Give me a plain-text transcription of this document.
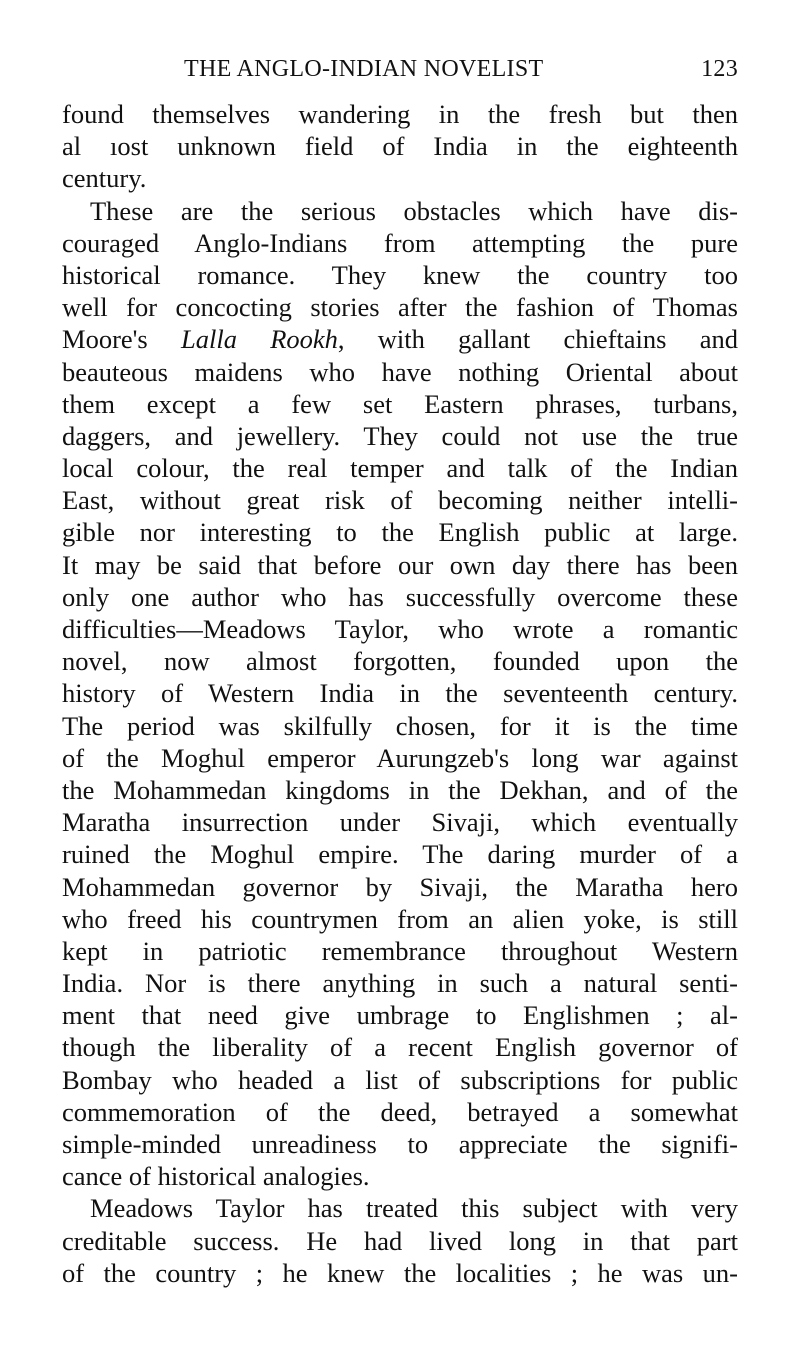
THE ANGLO-INDIAN NOVELIST	123
found themselves wandering in the fresh but then
al ıost unknown field of India in the eighteenth
century.
These are the serious obstacles which have dis-
couraged Anglo-Indians from attempting the pure
historical romance. They knew the country too
well for concocting stories after the fashion of Thomas
Moore's Lalla Rookh, with gallant chieftains and
beauteous maidens who have nothing Oriental about
them except a few set Eastern phrases, turbans,
daggers, and jewellery. They could not use the true
local colour, the real temper and talk of the Indian
East, without great risk of becoming neither intelli-
gible nor interesting to the English public at large.
It may be said that before our own day there has been
only one author who has successfully overcome these
difficulties—Meadows Taylor, who wrote a romantic
novel, now almost forgotten, founded upon the
history of Western India in the seventeenth century.
The period was skilfully chosen, for it is the time
of the Moghul emperor Aurungzeb's long war against
the Mohammedan kingdoms in the Dekhan, and of the
Maratha insurrection under Sivaji, which eventually
ruined the Moghul empire. The daring murder of a
Mohammedan governor by Sivaji, the Maratha hero
who freed his countrymen from an alien yoke, is still
kept in patriotic remembrance throughout Western
India. Nor is there anything in such a natural senti-
ment that need give umbrage to Englishmen ; al-
though the liberality of a recent English governor of
Bombay who headed a list of subscriptions for public
commemoration of the deed, betrayed a somewhat
simple-minded unreadiness to appreciate the signifi-
cance of historical analogies.
Meadows Taylor has treated this subject with very
creditable success. He had lived long in that part
of the country ; he knew the localities ; he was un-
